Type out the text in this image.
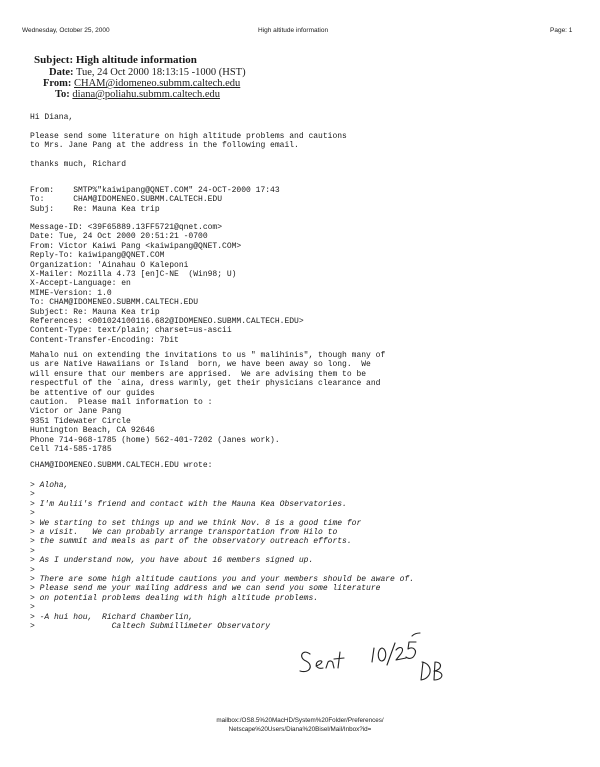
Wednesday, October 25, 2000	High altitude information	Page: 1
Subject: High altitude information
Date: Tue, 24 Oct 2000 18:13:15 -1000 (HST)
From: CHAM@idomeneo.submm.caltech.edu
To: diana@poliahu.submm.caltech.edu
Hi Diana,
Please send some literature on high altitude problems and cautions
to Mrs. Jane Pang at the address in the following email.
thanks much, Richard
From:    SMTP%"kaiwipang@QNET.COM" 24-OCT-2000 17:43
To:      CHAM@IDOMENEO.SUBMM.CALTECH.EDU
Subj:    Re: Mauna Kea trip
Message-ID: <39F65889.13FF5721@qnet.com>
Date: Tue, 24 Oct 2000 20:51:21 -0700
From: Victor Kaiwi Pang <kaiwipang@QNET.COM>
Reply-To: kaiwipang@QNET.COM
Organization: 'Ainahau O Kaleponi
X-Mailer: Mozilla 4.73 [en]C-NE  (Win98; U)
X-Accept-Language: en
MIME-Version: 1.0
To: CHAM@IDOMENEO.SUBMM.CALTECH.EDU
Subject: Re: Mauna Kea trip
References: <001024100116.682@IDOMENEO.SUBMM.CALTECH.EDU>
Content-Type: text/plain; charset=us-ascii
Content-Transfer-Encoding: 7bit
Mahalo nui on extending the invitations to us " malihinis", though many of
us are Native Hawaiians or Island  born, we have been away so long.  We
will ensure that our members are apprised.  We are advising them to be
respectful of the `aina, dress warmly, get their physicians clearance and
be attentive of our guides
caution.  Please mail information to :
Victor or Jane Pang
9351 Tidewater Circle
Huntington Beach, CA 92646
Phone 714-968-1785 (home) 562-401-7202 (Janes work).
Cell 714-585-1785
CHAM@IDOMENEO.SUBMM.CALTECH.EDU wrote:
> Aloha,
>
> I'm Aulii's friend and contact with the Mauna Kea Observatories.
>
> We starting to set things up and we think Nov. 8 is a good time for
> a visit.   We can probably arrange transportation from Hilo to
> the summit and meals as part of the observatory outreach efforts.
>
> As I understand now, you have about 16 members signed up.
>
> There are some high altitude cautions you and your members should be aware of.
> Please send me your mailing address and we can send you some literature
> on potential problems dealing with high altitude problems.
>
> -A hui hou,  Richard Chamberlin,
>                Caltech Submillimeter Observatory
mailbox:/OS8.5%20MacHD/System%20Folder/Preferences/
Netscape%20Users/Diana%20Bisel/Mail/Inbox?id=
